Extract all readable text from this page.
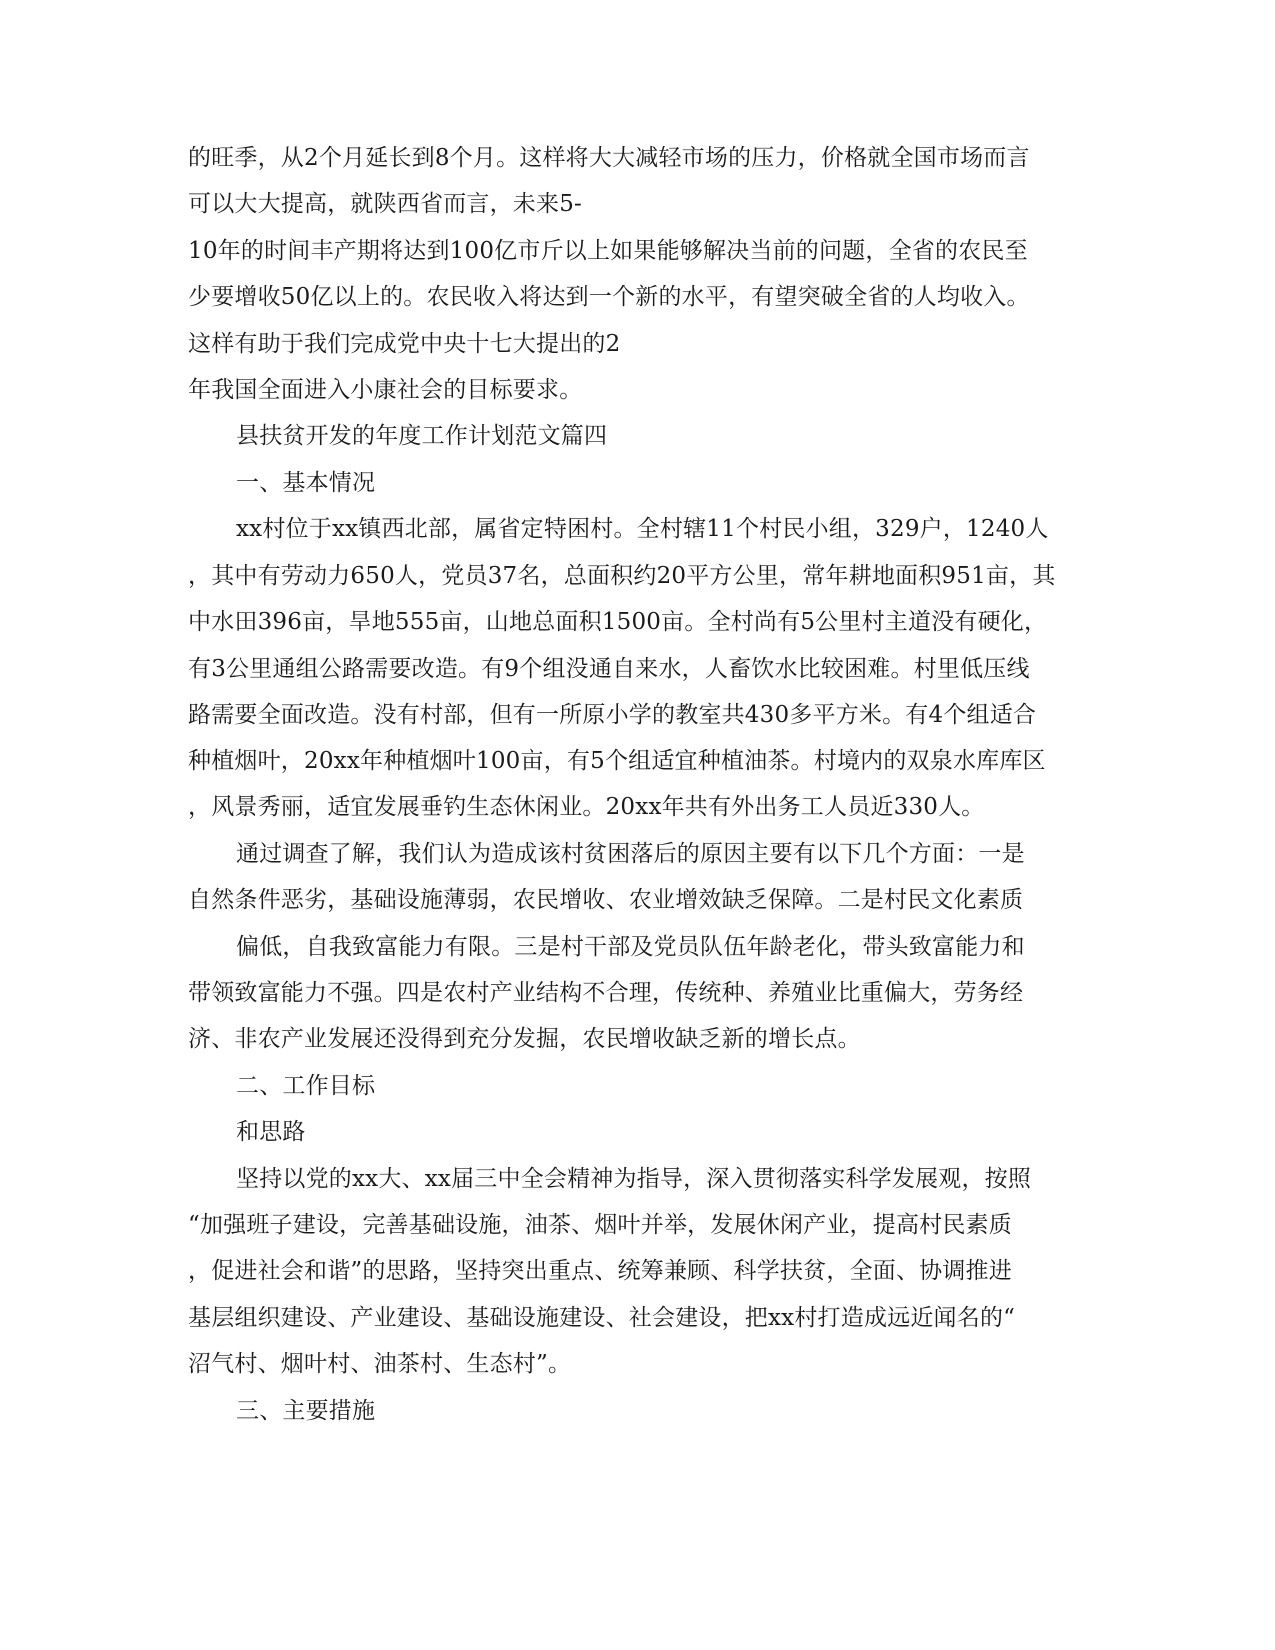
的旺季，从2个月延长到8个月。这样将大大减轻市场的压力，价格就全国市场而言
可以大大提高，就陕西省而言，未来5-
10年的时间丰产期将达到100亿市斤以上如果能够解决当前的问题，全省的农民至
少要增收50亿以上的。农民收入将达到一个新的水平，有望突破全省的人均收入。
这样有助于我们完成党中央十七大提出的2
年我国全面进入小康社会的目标要求。
县扶贫开发的年度工作计划范文篇四
一、基本情况
xx村位于xx镇西北部，属省定特困村。全村辖11个村民小组，329户，1240人
，其中有劳动力650人，党员37名，总面积约20平方公里，常年耕地面积951亩，其
中水田396亩，旱地555亩，山地总面积1500亩。全村尚有5公里村主道没有硬化，
有3公里通组公路需要改造。有9个组没通自来水，人畜饮水比较困难。村里低压线
路需要全面改造。没有村部，但有一所原小学的教室共430多平方米。有4个组适合
种植烟叶，20xx年种植烟叶100亩，有5个组适宜种植油茶。村境内的双泉水库库区
，风景秀丽，适宜发展垂钓生态休闲业。20xx年共有外出务工人员近330人。
通过调查了解，我们认为造成该村贫困落后的原因主要有以下几个方面：一是
自然条件恶劣，基础设施薄弱，农民增收、农业增效缺乏保障。二是村民文化素质
偏低，自我致富能力有限。三是村干部及党员队伍年龄老化，带头致富能力和
带领致富能力不强。四是农村产业结构不合理，传统种、养殖业比重偏大，劳务经
济、非农产业发展还没得到充分发掘，农民增收缺乏新的增长点。
二、工作目标
和思路
坚持以党的xx大、xx届三中全会精神为指导，深入贯彻落实科学发展观，按照
“加强班子建设，完善基础设施，油茶、烟叶并举，发展休闲产业，提高村民素质
，促进社会和谐”的思路，坚持突出重点、统筹兼顾、科学扶贫，全面、协调推进
基层组织建设、产业建设、基础设施建设、社会建设，把xx村打造成远近闻名的“
沼气村、烟叶村、油茶村、生态村”。
三、主要措施
